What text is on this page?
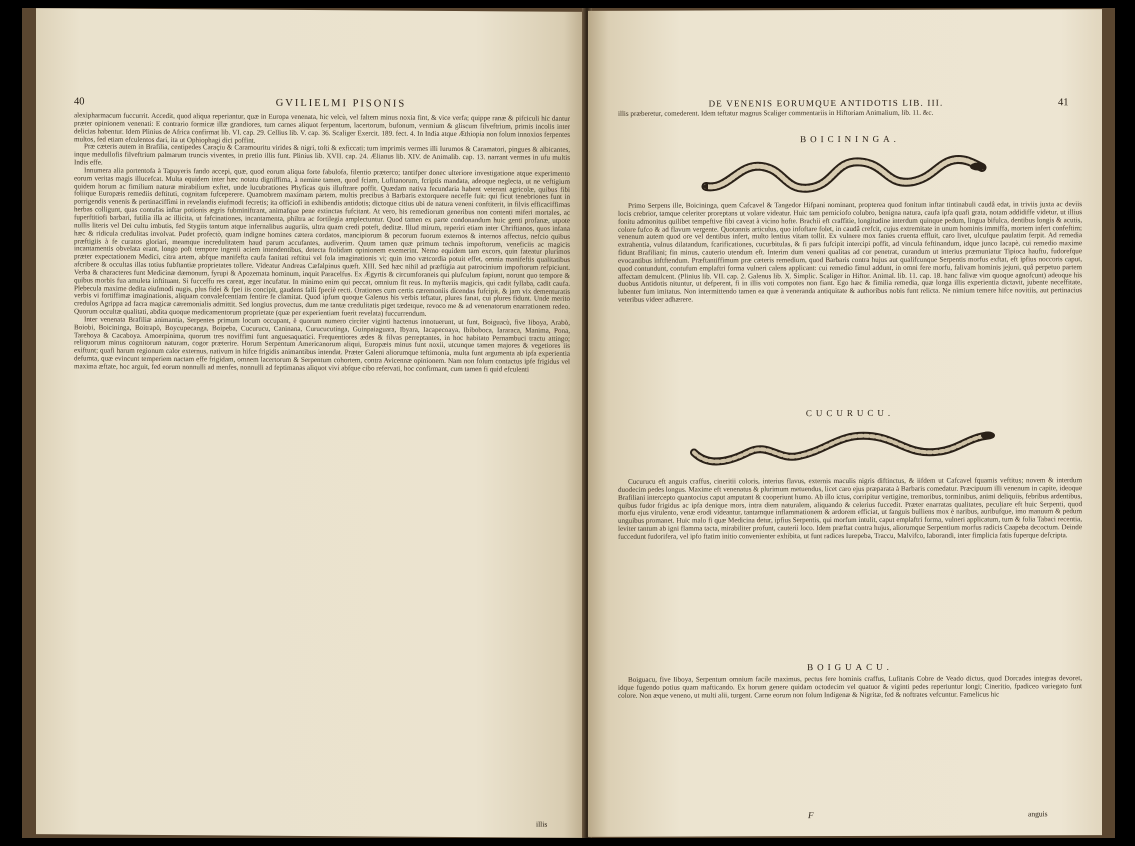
40	GVILIELMI PISONIS

alexipharmacum fuccurrit. Accedit, quod aliqua reperiantur, quæ in Europa venenata, hic velcù, vel faltem minus noxia fint, & vice verfa; quippe ranæ & pifciculi hic dantur præter opinionem venenati: E contrario formicæ illæ grandiores, tum carnes aliquot ferpentum, lacertorum, bufonum, vermium & gliscum filveftrium, primis incolis inter delicias habentur. Idem Plinius de Africa confirmat lib. VI. cap. 29. Cellius lib. V. cap. 36. Scaliger Exercit. 189. fect. 4. In India atque Æthiopia non folum innoxios ferpentes multos, fed etiam efculentos dari, ita ut Ophiophagi dici poffint.

Præ cæteris autem in Brafilia, centipedes Caraçíu & Caramouritu virides & nigri, toſti & exficcati; tum imprimis vermes illi Iurumos & Caramatori, pingues & albicantes, inque medullofis filveftrium palmarum truncis viventes, in pretio illis funt. Plinius lib. XVII. cap. 24. Ælianus lib. XIV. de Animalib. cap. 13. narrant vermes in ufu multis Indis effe.

Innumera alia portentofa à Tapuyeris fando accepi, quæ, quod eorum aliqua forte fabulofa, filentio præterco; tantifper donec ulteriore investigatione atque experimento eorum veritas magis illucefcat. Multa equidem inter hæc notatu digniffima, à nemine tamen, quod fciam, Lufitanorum, fcriptis mandata, adeoque neglecta, ut ne veftigium quidem horum ac fimilium naturæ mirabilium exftet, unde lucubrationes Phyficas quis illuftrare poffit. Quædam nativa fecundaria habent veterani agricolæ, quibus fibi foliique Europæis remediis deftituti, cognitam fufceperere. Quamobrem maximam partem, multis precibus à Barbaris extorquere neceffe fuit: qui ficut tenebriones funt in porrigendis venenis & pertinaciffimi in revelandis eiufmodi fecretis; ita officiofi in exhibendis antidotis; dictoque citius ubi de natura veneni conftiterit, in filvis efficaciffimas herbas colligunt, quas contufas inftar potionis ægris fubminiftrant, animafque pene extinctas fufcitant. At vero, his remediorum generibus non contenti miferi mortales, ac fuperftitiofi barbari, futilia illa ac illicita, ut fafcinationes, incantamenta, philtra ac fortilegia amplectuntur. Quod tamen ex parte condonandum huic genti profanæ, utpote nullis literis vel Dei cultu imbutis, fed Stygiis tantum atque infernalibus auguriis, ultra quam credi poteft, deditæ. Illud mirum, reperiri etiam inter Chriftianos, quos infana hæc & ridicula credulitas involvat. Pudet profectò, quam indigne homines cætera cordatos, mancipiorum & pecorum fuorum externos & internos affectus, nefcio quibus præftigiis à fe curatos gloriari, meamque incredulitatem haud parum accufantes, audiverim. Quum tamen quæ primum technis impoftorum, veneficiis ac magicis incantamentis obvelata erant, longo poft tempore ingenii aciem intendentibus, detecta ftolidam opinionem exemerint. Nemo equidem tam excors, quin fateatur plurimos præter expectationem Medici, citra artem, abfque manifefta caufa fanitati reftitui vel fola imaginationis vi; quin imo vætcordia potuit effet, omnia manifeftis qualitatibus afcribere & occultas illas totius fubftantiæ proprietates tollere. Videatur Andreas Cæfalpinus quæft. XIII. Sed hæc nihil ad præftigia aut patrocinium impoftorum refpiciunt. Verba & characteres funt Medicinæ dæmonum, fyrupi & Apozemata hominum, inquit Paracelfus. Ex Ægyrtis & circumforaneis qui plufculum fapiunt, norunt quo tempore & quibus morbis fua amuleta inftituant. Si fucceffu res careat, æger incufatur. In minimo enim qui peccat, omnium fit reus. In myfteriis magicis, qui cadit fyllaba, cadit caufa. Plebecula maxime dedita eiufmodi nugis, plus fidei & fpei iis concipit, gaudens falli fpeciè recti. Orationes cum certis cæremoniis dicendas fufcipit, & jam vix dementuratis verbis vi fortiffimæ imaginationis, aliquam convalefcentiam fentire fe clamitat. Quod ipfum quoque Galenus his verbis teftatur, plures fanat, cui plures fidunt. Unde merito credulos Agrippa ad facra magicæ cæremonialis admittit. Sed longius provectus, dum me tantæ credulitatis piget tædetque, revoco me & ad venenatorum enarrationem redeo. Quorum occultæ qualitati, abdita quoque medicamentorum proprietate (quæ per experientiam fuerit revelata) fuccurrendum.

Inter venenata Brafiliæ animantia, Serpentes primum locum occupant, è quorum numero circiter viginti hactenus innotuerunt, ut funt, Boiguacù, five Iiboya, Arabò, Boiobi, Boicininga, Boitrapò, Boycupecanga, Boipeba, Cucurucu, Caninana, Curucucutinga, Guinpaiaguara, Ibyara, Iacapecoaya, Ibiboboca, Iararaca, Manima, Pona, Tarehoya & Cacaboya. Amoerpinima, quorum tres noviffimi funt anguesaquatici. Frequentiores ædes & filvas perreptantes, in hoc habitato Pernambuci tractu attingo; reliquorum minus cognitorum naturam, cogor præterire. Horum Serpentum Americanorum aliqui, Europæis minus funt noxii, utcunque tamen majores & vegetiores iis exiftunt; quafi harum regionum calor externus, nativum in hifce frigidis animantibus intendat. Præter Galeni aliorumque teftimonia, multa funt argumenta ab ipfa experientia defumta, quæ evincunt temperiem nactam effe frigidam, omnem lacertorum & Serpentum cohortem, contra Avicennæ opinionem. Nam non folum contactus ipfe frigidus vel maxima æftate, hoc arguit, fed eorum nonnulli ad menfes, nonnulli ad feptimanas aliquot vivi abfque cibo refervati, hoc confirmant, cum tamen fi quid efculenti

illis
DE VENENIS EORUMQUE ANTIDOTIS LIB. III.	41

illis præberetur, comederent. Idem teftatur magnus Scaliger commentariis in Hiftoriam Animalium, lib. 11. &c.

BOICININGA.

Primo Serpens ille, Boicininga, quem Cafcavel & Tangedor Hifpani nominant, propterea quod fonitum inftar tintinabuli caudâ edat, in triviis juxta ac deviis locis crebrior, tamque celeriter proreptans ut volare videatur. Huic tam perniciofo colubro, benigna natura, caufa ipfa quafi grata, notam addidiffe videtur, ut illius fonitu admonitus quilibet tempeftive fibi caveat à vicino hofte. Brachii eft craffitie, longitudine interdum quinque pedum, lingua bifulca, dentibus longis & acutis, colore fufco & ad flavum vergente. Quotannis articulus, quo infoftare folet, in caudâ crefcit, cujus extremitate in unum hominis immiffa, mortem infert confeftim; venenum autem quod ore vel dentibus infert, multo lentius vitam tollit. Ex vulnere mox fanies cruenta effluit, caro livet, ulcufque paulatim ferpit. Ad remedia extrahentia, vulnus dilatandum, fcarificationes, cucurbitulas, & fi pars fufcipit intercipi poffit, ad vincula feftinandum, idque junco Iacapè, cui remedio maxime fidunt Brafiliani; fin minus, cauterio utendum eft. Interim dum veneni qualitas ad cor penetrat, curandum ut interius præmuniatur Tipioca hauftu, fudorefque evocantibus inftftendum. Præftantiffimum præ cæteris remedium, quod Barbaris contra hujus aut qualifcunque Serpentis morfus exftat, eft ipfius noccoris caput, quod contundunt, contufum emplaftri forma vulneri calens applicant: cui remedio fimul addunt, in omni fere morfu, falivam hominis jejuni, quâ perpetuo partem affectam demulcent. (Plinius lib. VII. cap. 2. Galenus lib. X. Simplic. Scaliger in Hiftor. Animal. lib. 11. cap. 18. hanc falivæ vim quoque agnofcunt) adeoque his duobus Antidotis nituntur, ut defperent, fi in illis voti compotes non fiant. Ego hæc & fimilia remedia, quæ longa illis experientia dictavit, jubente neceffitate, lubenter fum imitatus. Non intermittendo tamen ea quæ à veneranda antiquitate & authoribus nobis funt relicta. Ne nimium temere hifce novitiis, aut pertinacius veteribus videer adhærere.

CUCURUCU.

Cucurucu eft anguis craffus, cineritii coloris, interius flavus, externis maculis nigris diftinctus, & iifdem ut Cafcavel fquamis veftitus; novem & interdum duodecim pedes longus. Maxime eft venenatus & plurimum metuendus, licet caro ejus præparata à Barbaris comedatur. Præcipuum illi venenum in capite, ideoque Brafiliani intercepto quantocius caput amputant & cooperiunt humo. Ab illo ictus, corripitur vertigine, tremoribus, torminibus, animi deliquiis, febribus ardentibus, quibus fudor frigidus ac ipfa denique mors, intra diem naturalem, aliquando & celerius fuccedit. Præter enarratas qualitates, peculiare eft huic Serpenti, quod morfu ejus virulento, venæ erodi videantur, tantamque inflammationem & ardorem efficiat, ut fanguis bulliens mox è naribus, auribufque, imo manuum & pedum unguibus promanet. Huic malo fi quæ Medicina detur, ipfius Serpentis, qui morfum intulit, caput emplaftri forma, vulneri applicatum, tum & folia Tabaci recentia, leviter tantum ab igni flamma tacta, mirabiliter profunt, cauterii loco. Idem præftat contra hujus, aliorumque Serpentium morfus radicis Caapeba decoctum. Deinde fuccedunt fudorifera, vel ipfo ftatim initio convenienter exhibita, ut funt radices Iurepeba, Traccu, Malvifco, Iaborandi, inter fimplicia fatis fuperque defcripta.

BOIGUACU.

Boiguacu, five Iiboya, Serpentum omnium facile maximus, pectus fere hominis craffus, Lufitanis Cobre de Veado dictus, quod Dorcades integras devoret, idque fugendo potius quam mafticando. Ex horum genere quidam octodecim vel quatuor & viginti pedes reperiuntur longi; Cineritio, fpadiceo variegato funt colore. Non æque veneno, ut multi alii, turgent. Carne eorum non folum Indigenæ & Nigritæ, fed & noftrates vefcuntur. Famelicus hic

F	anguis
